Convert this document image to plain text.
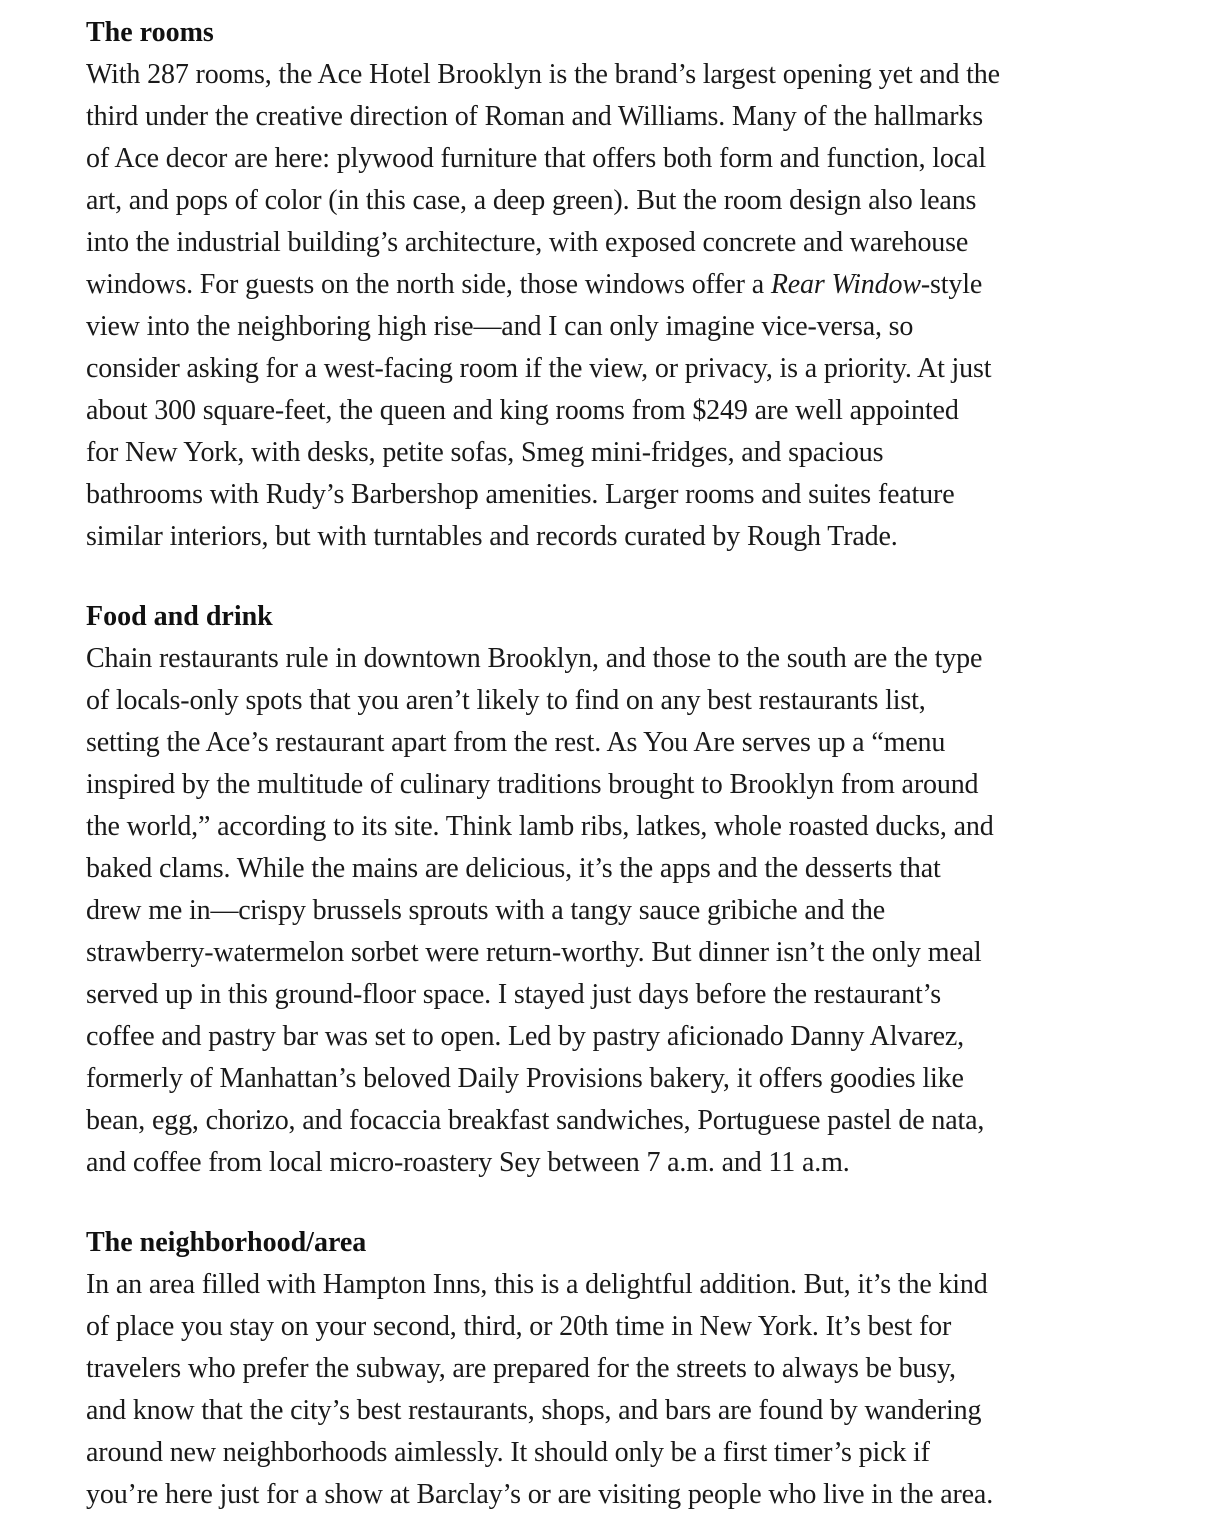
The rooms
With 287 rooms, the Ace Hotel Brooklyn is the brand’s largest opening yet and the
third under the creative direction of Roman and Williams. Many of the hallmarks
of Ace decor are here: plywood furniture that offers both form and function, local
art, and pops of color (in this case, a deep green). But the room design also leans
into the industrial building’s architecture, with exposed concrete and warehouse
windows. For guests on the north side, those windows offer a Rear Window-style
view into the neighboring high rise—and I can only imagine vice-versa, so
consider asking for a west-facing room if the view, or privacy, is a priority. At just
about 300 square-feet, the queen and king rooms from $249 are well appointed
for New York, with desks, petite sofas, Smeg mini-fridges, and spacious
bathrooms with Rudy’s Barbershop amenities. Larger rooms and suites feature
similar interiors, but with turntables and records curated by Rough Trade.
Food and drink
Chain restaurants rule in downtown Brooklyn, and those to the south are the type
of locals-only spots that you aren’t likely to find on any best restaurants list,
setting the Ace’s restaurant apart from the rest. As You Are serves up a “menu
inspired by the multitude of culinary traditions brought to Brooklyn from around
the world,” according to its site. Think lamb ribs, latkes, whole roasted ducks, and
baked clams. While the mains are delicious, it’s the apps and the desserts that
drew me in—crispy brussels sprouts with a tangy sauce gribiche and the
strawberry-watermelon sorbet were return-worthy. But dinner isn’t the only meal
served up in this ground-floor space. I stayed just days before the restaurant’s
coffee and pastry bar was set to open. Led by pastry aficionado Danny Alvarez,
formerly of Manhattan’s beloved Daily Provisions bakery, it offers goodies like
bean, egg, chorizo, and focaccia breakfast sandwiches, Portuguese pastel de nata,
and coffee from local micro-roastery Sey between 7 a.m. and 11 a.m.
The neighborhood/area
In an area filled with Hampton Inns, this is a delightful addition. But, it’s the kind
of place you stay on your second, third, or 20th time in New York. It’s best for
travelers who prefer the subway, are prepared for the streets to always be busy,
and know that the city’s best restaurants, shops, and bars are found by wandering
around new neighborhoods aimlessly. It should only be a first timer’s pick if
you’re here just for a show at Barclay’s or are visiting people who live in the area.
